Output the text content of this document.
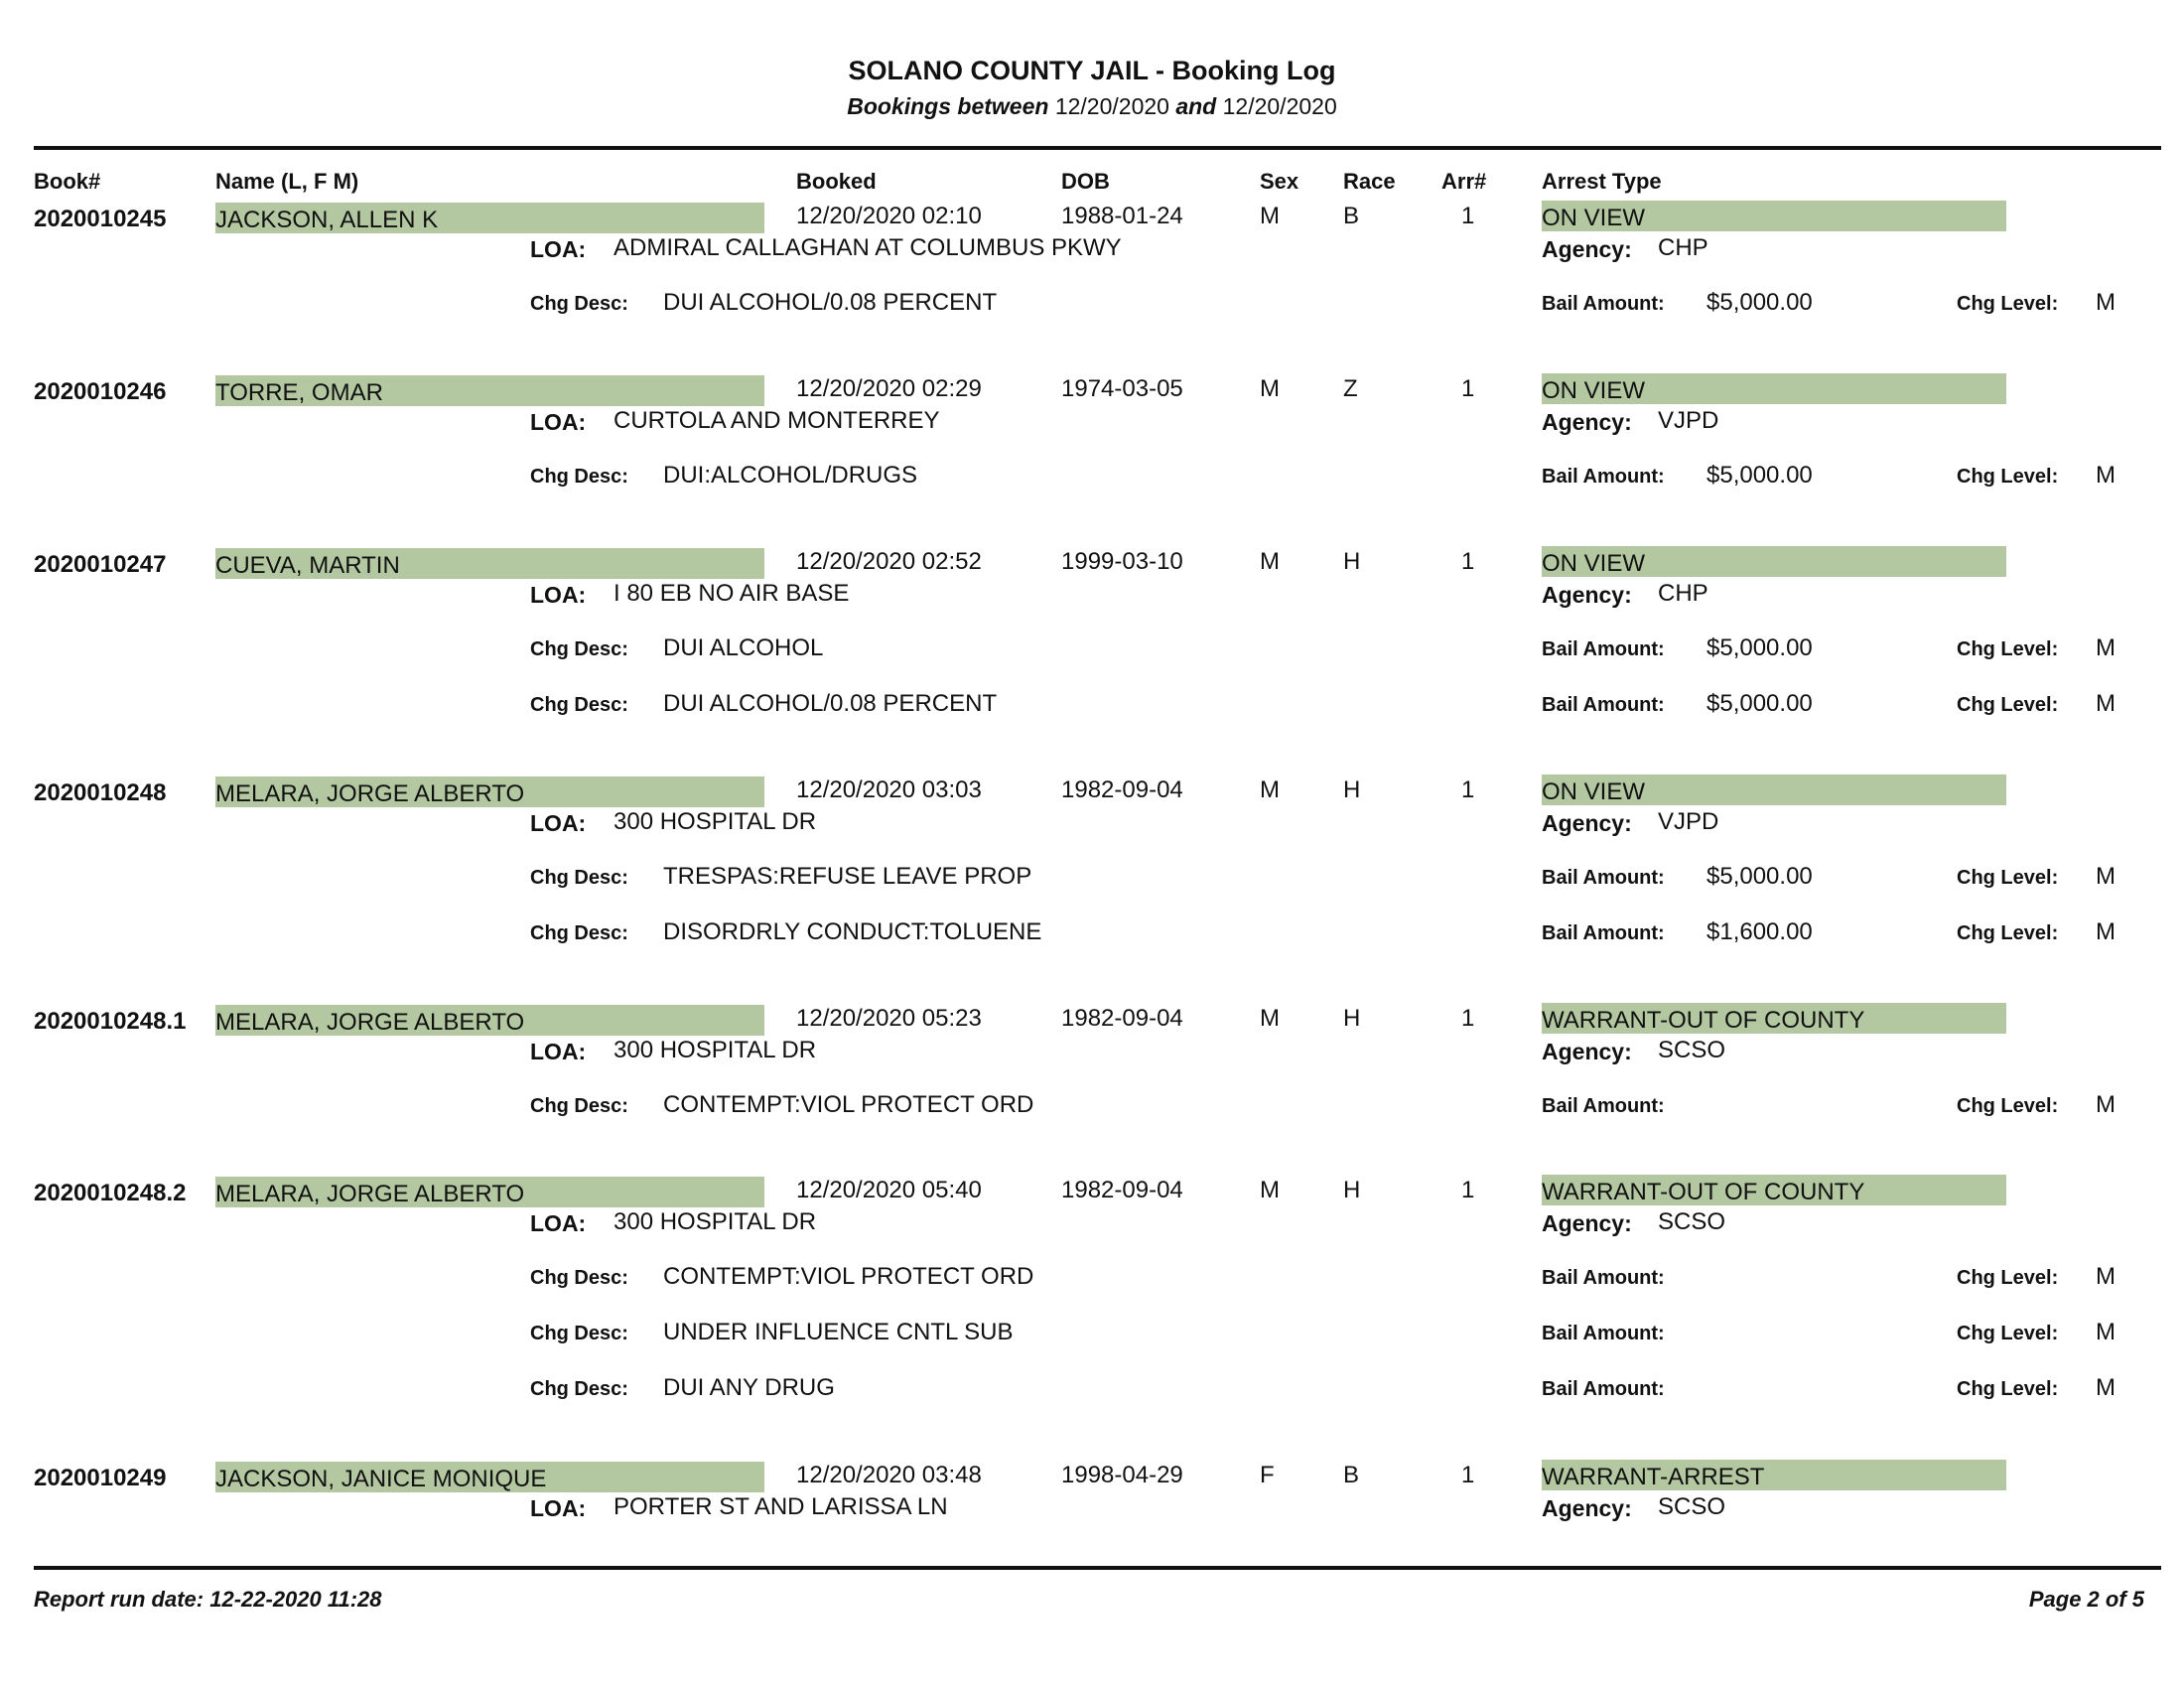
SOLANO COUNTY JAIL - Booking Log
Bookings between 12/20/2020 and 12/20/2020
Book#	Name (L, F M)	Booked	DOB	Sex Race Arr#	Arrest Type
2020010245 JACKSON, ALLEN K	12/20/2020 02:10	1988-01-24	M	B	1	ON VIEW
LOA: ADMIRAL CALLAGHAN AT COLUMBUS PKWY	Agency: CHP
Chg Desc: DUI ALCOHOL/0.08 PERCENT	Bail Amount: $5,000.00	Chg Level: M
2020010246 TORRE, OMAR	12/20/2020 02:29	1974-03-05	M	Z	1	ON VIEW
LOA: CURTOLA AND MONTERREY	Agency: VJPD
Chg Desc: DUI:ALCOHOL/DRUGS	Bail Amount: $5,000.00	Chg Level: M
2020010247 CUEVA, MARTIN	12/20/2020 02:52	1999-03-10	M	H	1	ON VIEW
LOA: I 80 EB NO AIR BASE	Agency: CHP
Chg Desc: DUI ALCOHOL	Bail Amount: $5,000.00	Chg Level: M
Chg Desc: DUI ALCOHOL/0.08 PERCENT	Bail Amount: $5,000.00	Chg Level: M
2020010248 MELARA, JORGE ALBERTO	12/20/2020 03:03	1982-09-04	M	H	1	ON VIEW
LOA: 300 HOSPITAL DR	Agency: VJPD
Chg Desc: TRESPAS:REFUSE LEAVE PROP	Bail Amount: $5,000.00	Chg Level: M
Chg Desc: DISORDRLY CONDUCT:TOLUENE	Bail Amount: $1,600.00	Chg Level: M
2020010248.1 MELARA, JORGE ALBERTO	12/20/2020 05:23	1982-09-04	M	H	1	WARRANT-OUT OF COUNTY
LOA: 300 HOSPITAL DR	Agency: SCSO
Chg Desc: CONTEMPT:VIOL PROTECT ORD	Bail Amount:	Chg Level: M
2020010248.2 MELARA, JORGE ALBERTO	12/20/2020 05:40	1982-09-04	M	H	1	WARRANT-OUT OF COUNTY
LOA: 300 HOSPITAL DR	Agency: SCSO
Chg Desc: CONTEMPT:VIOL PROTECT ORD	Bail Amount:	Chg Level: M
Chg Desc: UNDER INFLUENCE CNTL SUB	Bail Amount:	Chg Level: M
Chg Desc: DUI ANY DRUG	Bail Amount:	Chg Level: M
2020010249 JACKSON, JANICE MONIQUE	12/20/2020 03:48	1998-04-29	F	B	1	WARRANT-ARREST
LOA: PORTER ST AND LARISSA LN	Agency: SCSO
Report run date: 12-22-2020 11:28	Page 2 of 5
